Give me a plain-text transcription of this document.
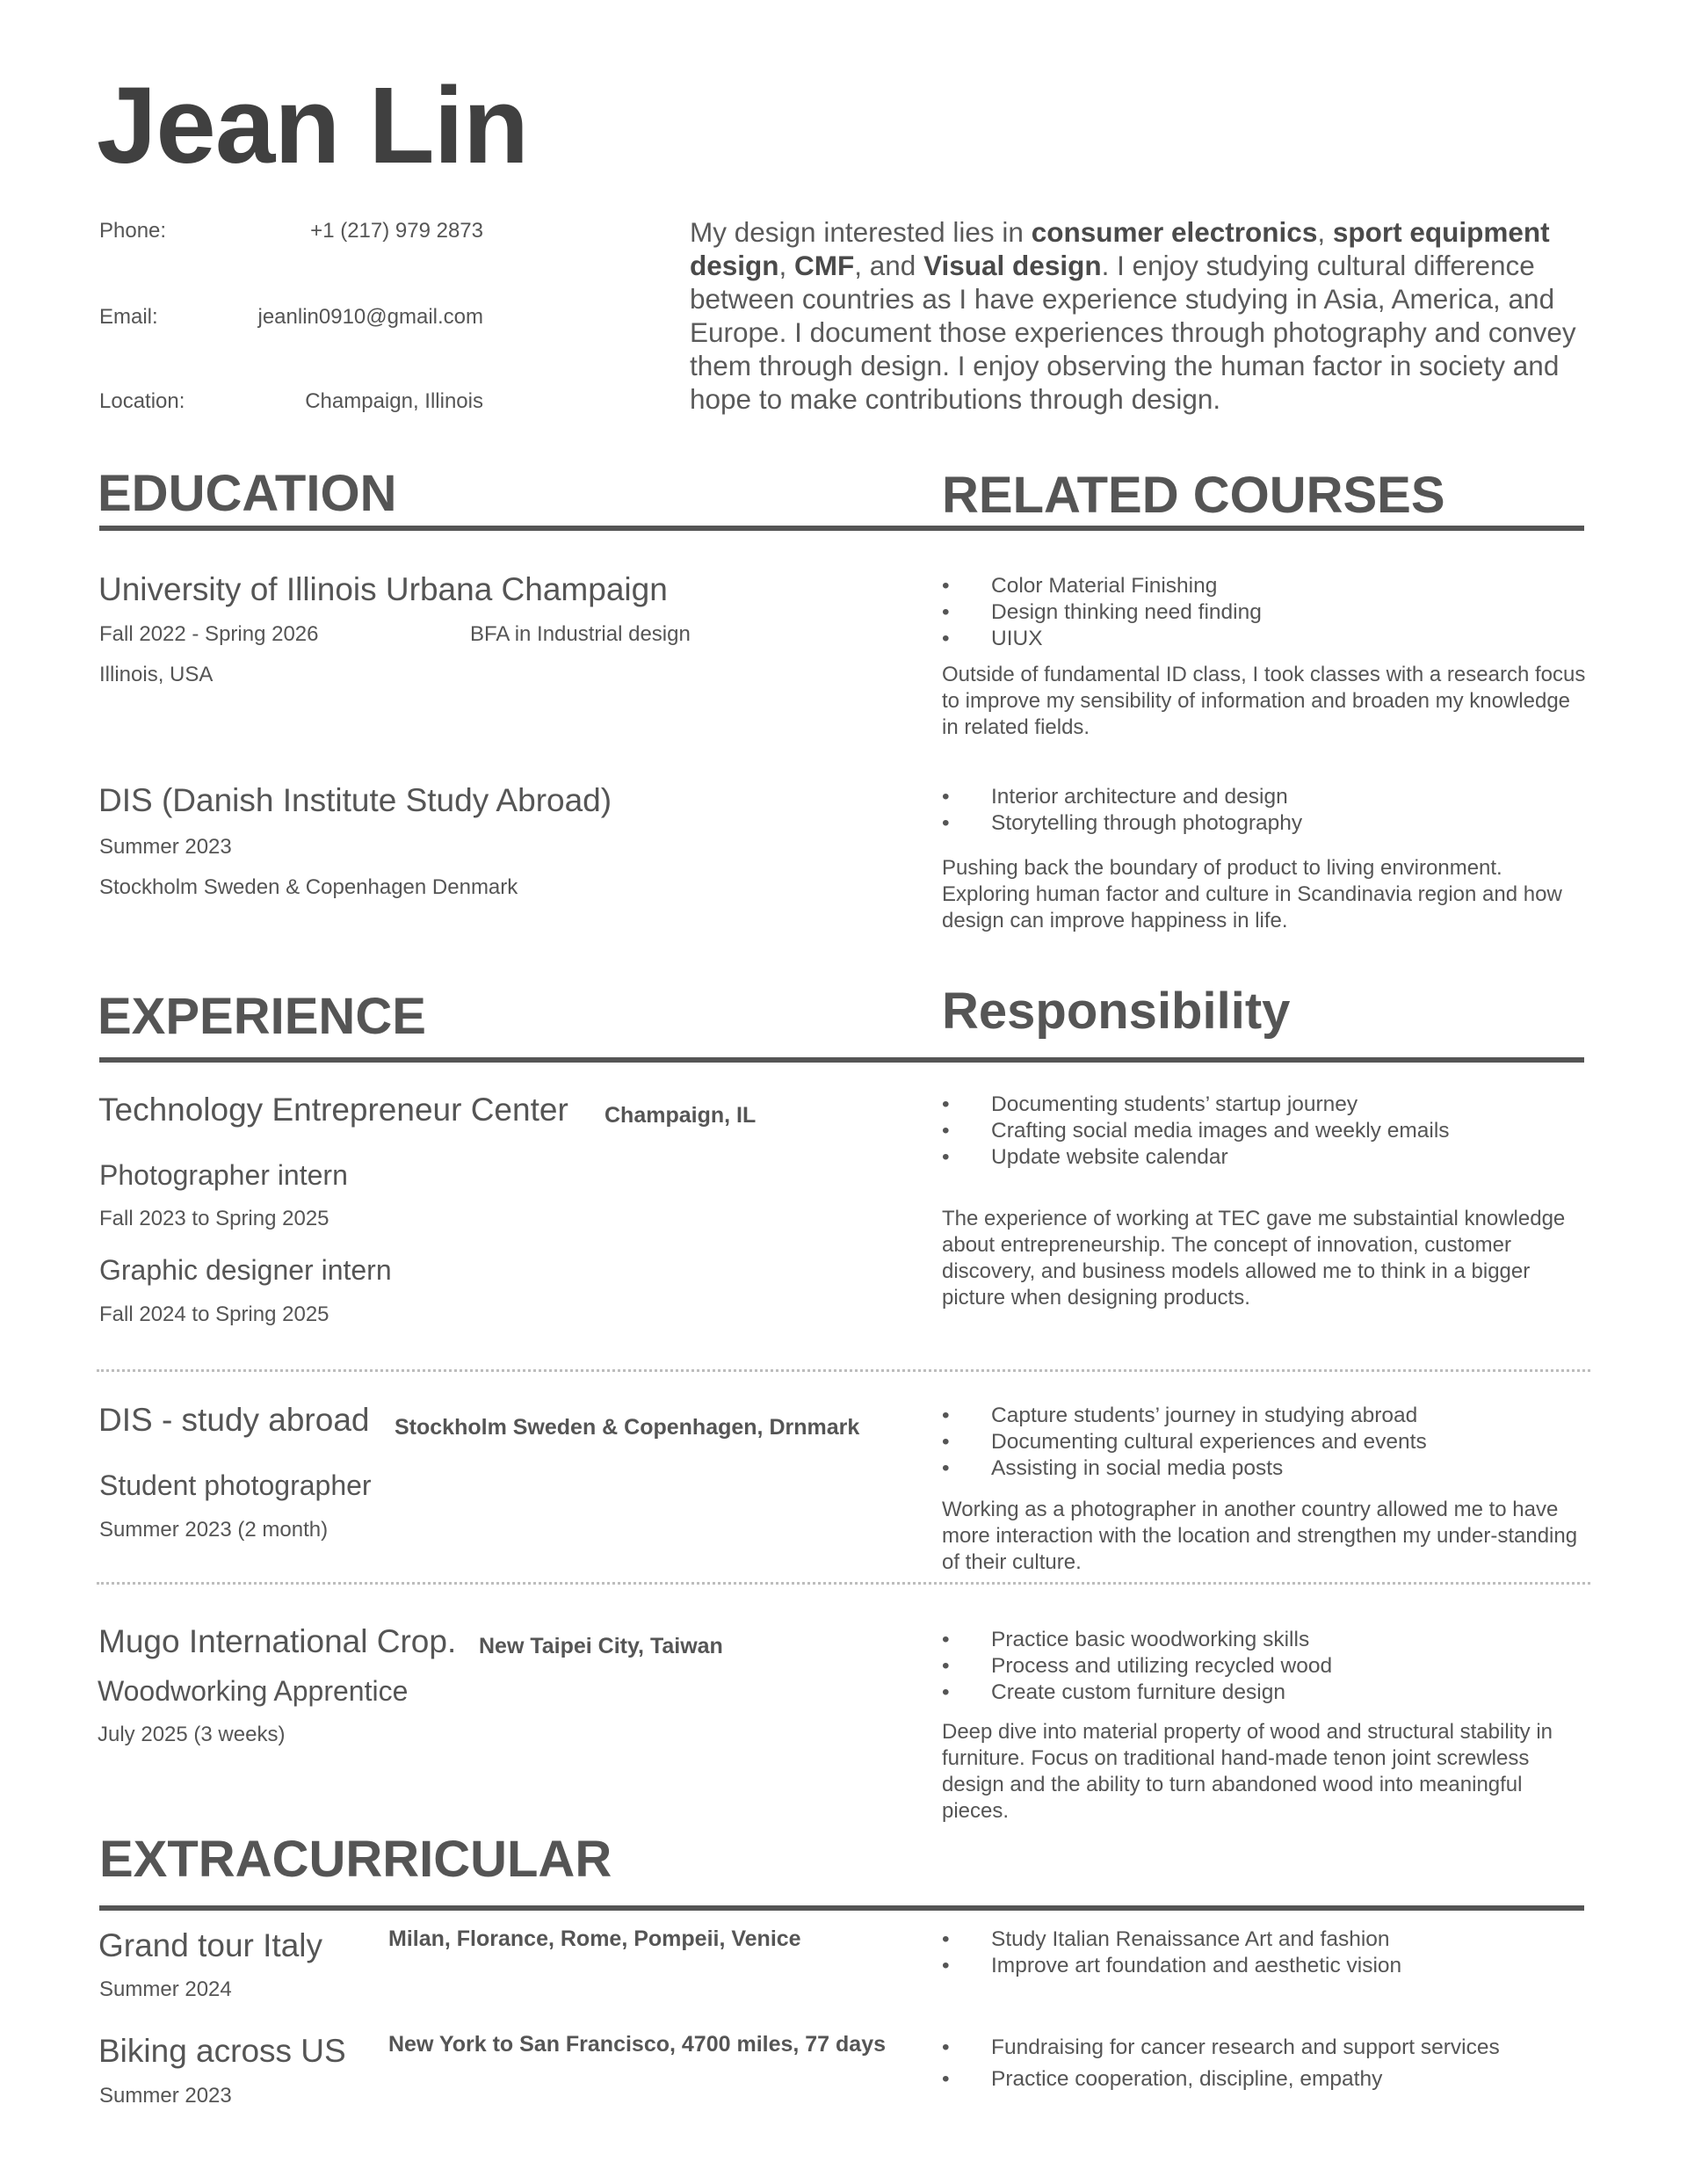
Jean Lin
Phone:	+1 (217) 979 2873
Email:	jeanlin0910@gmail.com
Location:	Champaign, Illinois
My design interested lies in consumer electronics, sport equipment design, CMF, and Visual design. I enjoy studying cultural difference between countries as I have experience studying in Asia, America, and Europe. I document those experiences through photography and convey them through design. I enjoy observing the human factor in society and hope to make contributions through design.
EDUCATION	RELATED COURSES
University of Illinois Urbana Champaign
Fall 2022 - Spring 2026	BFA in Industrial design
Illinois, USA
DIS (Danish Institute Study Abroad)
Summer 2023
Stockholm Sweden & Copenhagen Denmark
• Color Material Finishing
• Design thinking need finding
• UIUX
Outside of fundamental ID class, I took classes with a research focus to improve my sensibility of information and broaden my knowledge in related fields.
• Interior architecture and design
• Storytelling through photography
Pushing back the boundary of product to living environment. Exploring human factor and culture in Scandinavia region and how design can improve happiness in life.
EXPERIENCE	Responsibility
Technology Entrepreneur Center Champaign, IL
Photographer intern
Fall 2023 to Spring 2025
Graphic designer intern
Fall 2024 to Spring 2025
• Documenting students’ startup journey
• Crafting social media images and weekly emails
• Update website calendar
The experience of working at TEC gave me substaintial knowledge about entrepreneurship. The concept of innovation, customer discovery, and business models allowed me to think in a bigger picture when designing products.
DIS - study abroad Stockholm Sweden & Copenhagen, Drnmark
Student photographer
Summer 2023 (2 month)
• Capture students’ journey in studying abroad
• Documenting cultural experiences and events
• Assisting in social media posts
Working as a photographer in another country allowed me to have more interaction with the location and strengthen my under-standing of their culture.
Mugo International Crop. New Taipei City, Taiwan
Woodworking Apprentice
July 2025 (3 weeks)
• Practice basic woodworking skills
• Process and utilizing recycled wood
• Create custom furniture design
Deep dive into material property of wood and structural stability in furniture. Focus on traditional hand-made tenon joint screwless design and the ability to turn abandoned wood into meaningful pieces.
EXTRACURRICULAR
Grand tour Italy	Milan, Florance, Rome, Pompeii, Venice
Summer 2024
• Study Italian Renaissance Art and fashion
• Improve art foundation and aesthetic vision
Biking across US New York to San Francisco, 4700 miles, 77 days
Summer 2023
• Fundraising for cancer research and support services
• Practice cooperation, discipline, empathy
